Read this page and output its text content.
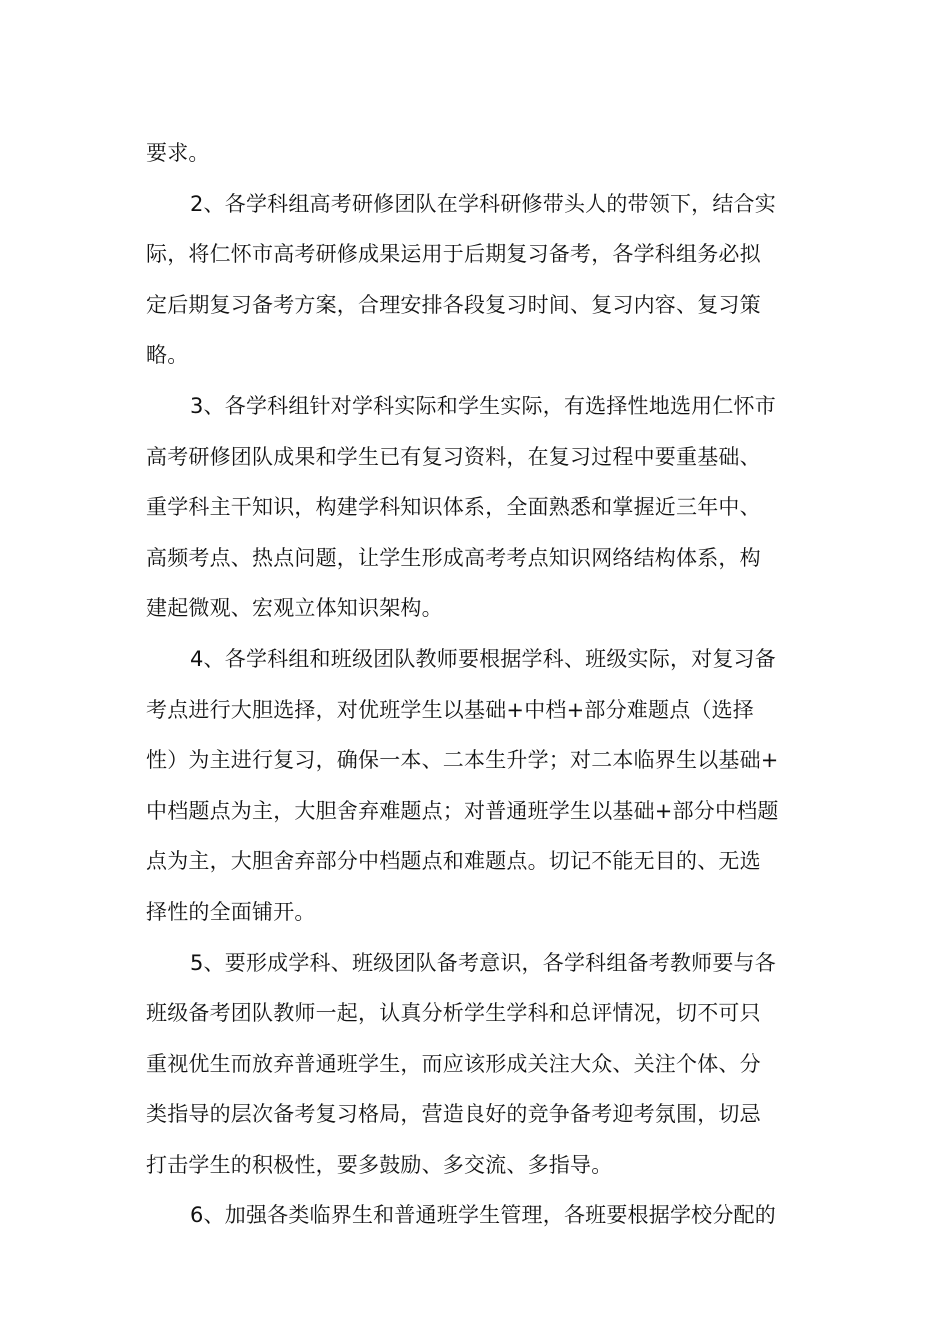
要求。
2、各学科组高考研修团队在学科研修带头人的带领下，结合实
际，将仁怀市高考研修成果运用于后期复习备考，各学科组务必拟
定后期复习备考方案，合理安排各段复习时间、复习内容、复习策
略。
3、各学科组针对学科实际和学生实际，有选择性地选用仁怀市
高考研修团队成果和学生已有复习资料，在复习过程中要重基础、
重学科主干知识，构建学科知识体系，全面熟悉和掌握近三年中、
高频考点、热点问题，让学生形成高考考点知识网络结构体系，构
建起微观、宏观立体知识架构。
4、各学科组和班级团队教师要根据学科、班级实际，对复习备
考点进行大胆选择，对优班学生以基础+中档+部分难题点（选择
性）为主进行复习，确保一本、二本生升学；对二本临界生以基础+
中档题点为主，大胆舍弃难题点；对普通班学生以基础+部分中档题
点为主，大胆舍弃部分中档题点和难题点。切记不能无目的、无选
择性的全面铺开。
5、要形成学科、班级团队备考意识，各学科组备考教师要与各
班级备考团队教师一起，认真分析学生学科和总评情况，切不可只
重视优生而放弃普通班学生，而应该形成关注大众、关注个体、分
类指导的层次备考复习格局，营造良好的竞争备考迎考氛围，切忌
打击学生的积极性，要多鼓励、多交流、多指导。
6、加强各类临界生和普通班学生管理，各班要根据学校分配的
